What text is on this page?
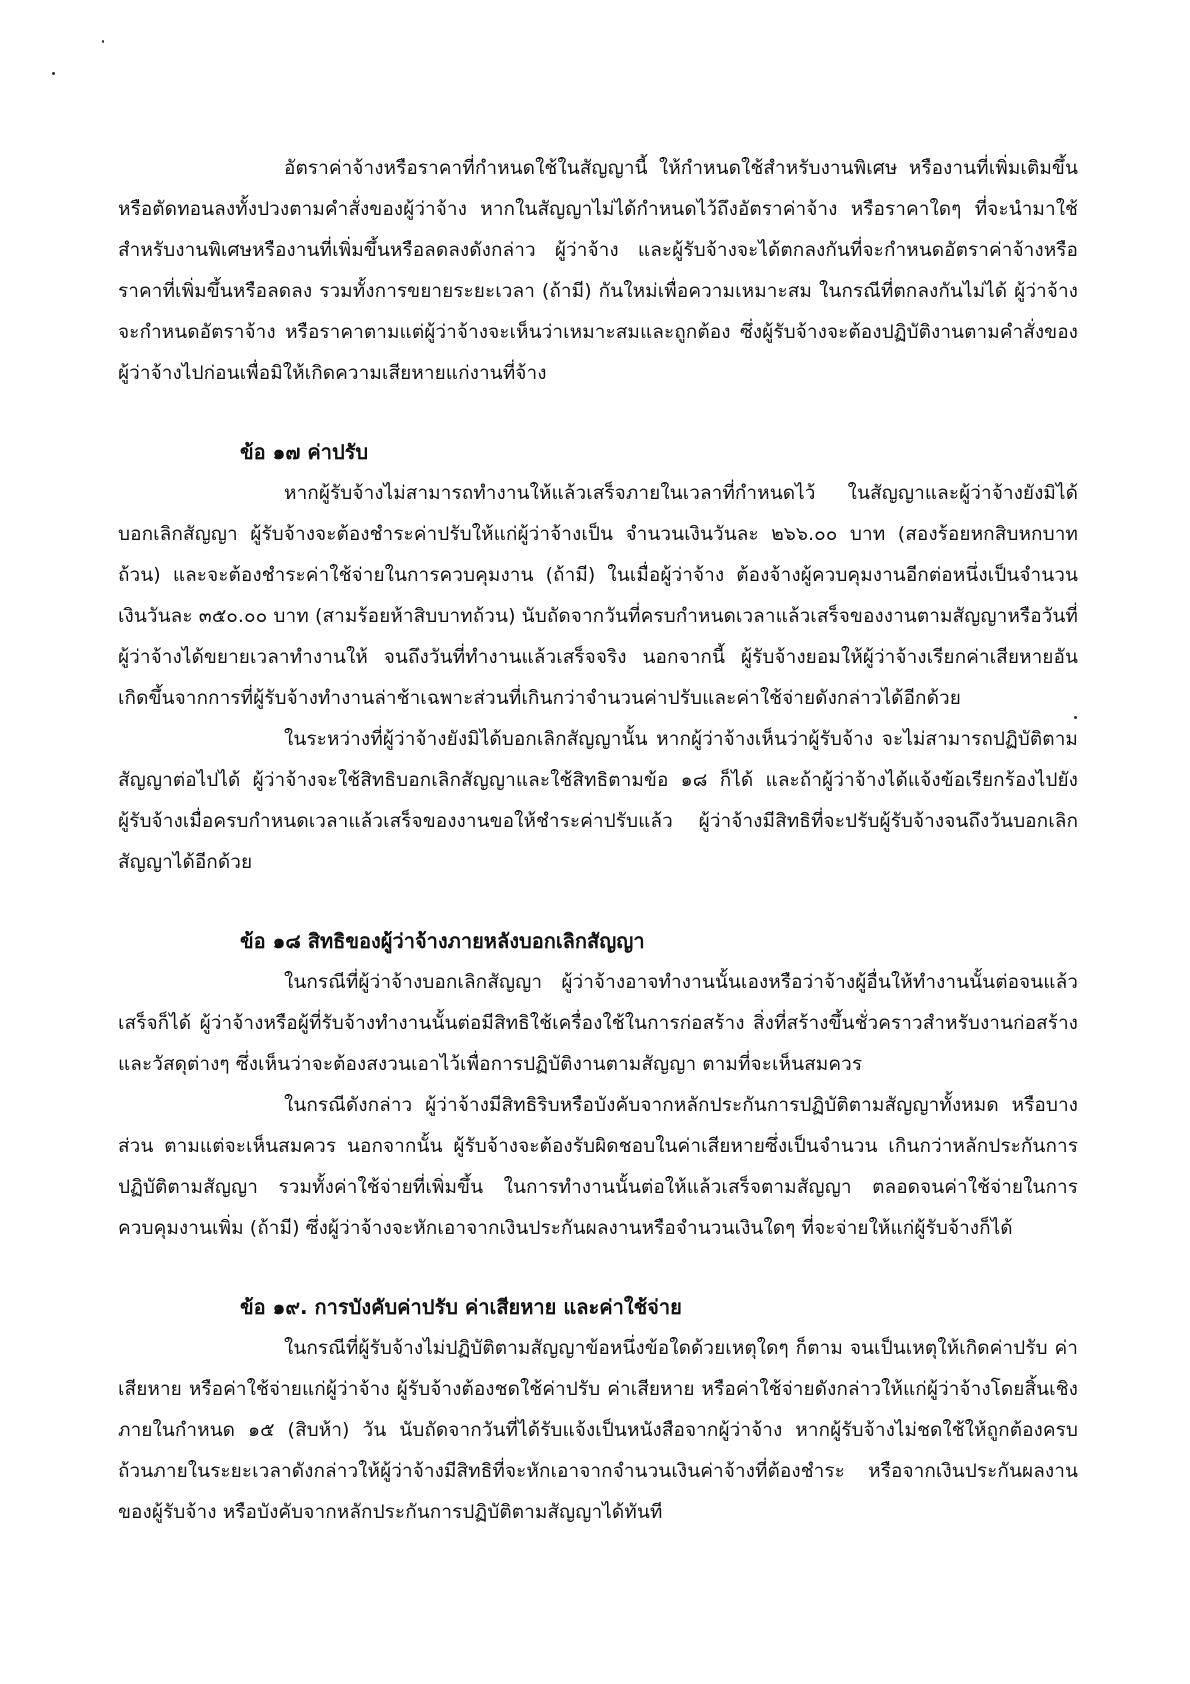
อัตราค่าจ้างหรือราคาที่กำหนดใช้ในสัญญานี้ ให้กำหนดใช้สำหรับงานพิเศษ หรืองานที่เพิ่มเติมขึ้นหรือตัดทอนลงทั้งปวงตามคำสั่งของผู้ว่าจ้าง หากในสัญญาไม่ได้กำหนดไว้ถึงอัตราค่าจ้าง หรือราคาใดๆ ที่จะนำมาใช้สำหรับงานพิเศษหรืองานที่เพิ่มขึ้นหรือลดลงดังกล่าว ผู้ว่าจ้าง และผู้รับจ้างจะได้ตกลงกันที่จะกำหนดอัตราค่าจ้างหรือราคาที่เพิ่มขึ้นหรือลดลง รวมทั้งการขยายระยะเวลา (ถ้ามี) กันใหม่เพื่อความเหมาะสม ในกรณีที่ตกลงกันไม่ได้ ผู้ว่าจ้างจะกำหนดอัตราจ้าง หรือราคาตามแต่ผู้ว่าจ้างจะเห็นว่าเหมาะสมและถูกต้อง ซึ่งผู้รับจ้างจะต้องปฏิบัติงานตามคำสั่งของผู้ว่าจ้างไปก่อนเพื่อมิให้เกิดความเสียหายแก่งานที่จ้าง

ข้อ ๑๗ ค่าปรับ

หากผู้รับจ้างไม่สามารถทำงานให้แล้วเสร็จภายในเวลาที่กำหนดไว้ ในสัญญาและผู้ว่าจ้างยังมิได้บอกเลิกสัญญา ผู้รับจ้างจะต้องชำระค่าปรับให้แก่ผู้ว่าจ้างเป็น จำนวนเงินวันละ ๒๖๖.๐๐ บาท (สองร้อยหกสิบหกบาทถ้วน) และจะต้องชำระค่าใช้จ่ายในการควบคุมงาน (ถ้ามี) ในเมื่อผู้ว่าจ้าง ต้องจ้างผู้ควบคุมงานอีกต่อหนึ่งเป็นจำนวนเงินวันละ ๓๕๐.๐๐ บาท (สามร้อยห้าสิบบาทถ้วน) นับถัดจากวันที่ครบกำหนดเวลาแล้วเสร็จของงานตามสัญญาหรือวันที่ผู้ว่าจ้างได้ขยายเวลาทำงานให้ จนถึงวันที่ทำงานแล้วเสร็จจริง นอกจากนี้ ผู้รับจ้างยอมให้ผู้ว่าจ้างเรียกค่าเสียหายอันเกิดขึ้นจากการที่ผู้รับจ้างทำงานล่าช้าเฉพาะส่วนที่เกินกว่าจำนวนค่าปรับและค่าใช้จ่ายดังกล่าวได้อีกด้วย

ในระหว่างที่ผู้ว่าจ้างยังมิได้บอกเลิกสัญญานั้น หากผู้ว่าจ้างเห็นว่าผู้รับจ้าง จะไม่สามารถปฏิบัติตามสัญญาต่อไปได้ ผู้ว่าจ้างจะใช้สิทธิบอกเลิกสัญญาและใช้สิทธิตามข้อ ๑๘ ก็ได้ และถ้าผู้ว่าจ้างได้แจ้งข้อเรียกร้องไปยังผู้รับจ้างเมื่อครบกำหนดเวลาแล้วเสร็จของงานขอให้ชำระค่าปรับแล้ว ผู้ว่าจ้างมีสิทธิที่จะปรับผู้รับจ้างจนถึงวันบอกเลิกสัญญาได้อีกด้วย

ข้อ ๑๘ สิทธิของผู้ว่าจ้างภายหลังบอกเลิกสัญญา

ในกรณีที่ผู้ว่าจ้างบอกเลิกสัญญา ผู้ว่าจ้างอาจทำงานนั้นเองหรือว่าจ้างผู้อื่นให้ทำงานนั้นต่อจนแล้วเสร็จก็ได้ ผู้ว่าจ้างหรือผู้ที่รับจ้างทำงานนั้นต่อมีสิทธิใช้เครื่องใช้ในการก่อสร้าง สิ่งที่สร้างขึ้นชั่วคราวสำหรับงานก่อสร้างและวัสดุต่างๆ ซึ่งเห็นว่าจะต้องสงวนเอาไว้เพื่อการปฏิบัติงานตามสัญญา ตามที่จะเห็นสมควร

ในกรณีดังกล่าว ผู้ว่าจ้างมีสิทธิริบหรือบังคับจากหลักประกันการปฏิบัติตามสัญญาทั้งหมด หรือบางส่วน ตามแต่จะเห็นสมควร นอกจากนั้น ผู้รับจ้างจะต้องรับผิดชอบในค่าเสียหายซึ่งเป็นจำนวน เกินกว่าหลักประกันการปฏิบัติตามสัญญา รวมทั้งค่าใช้จ่ายที่เพิ่มขึ้น ในการทำงานนั้นต่อให้แล้วเสร็จตามสัญญา ตลอดจนค่าใช้จ่ายในการควบคุมงานเพิ่ม (ถ้ามี) ซึ่งผู้ว่าจ้างจะหักเอาจากเงินประกันผลงานหรือจำนวนเงินใดๆ ที่จะจ่ายให้แก่ผู้รับจ้างก็ได้

ข้อ ๑๙. การบังคับค่าปรับ ค่าเสียหาย และค่าใช้จ่าย

ในกรณีที่ผู้รับจ้างไม่ปฏิบัติตามสัญญาข้อหนึ่งข้อใดด้วยเหตุใดๆ ก็ตาม จนเป็นเหตุให้เกิดค่าปรับ ค่าเสียหาย หรือค่าใช้จ่ายแก่ผู้ว่าจ้าง ผู้รับจ้างต้องชดใช้ค่าปรับ ค่าเสียหาย หรือค่าใช้จ่ายดังกล่าวให้แก่ผู้ว่าจ้างโดยสิ้นเชิงภายในกำหนด ๑๕ (สิบห้า) วัน นับถัดจากวันที่ได้รับแจ้งเป็นหนังสือจากผู้ว่าจ้าง หากผู้รับจ้างไม่ชดใช้ให้ถูกต้องครบถ้วนภายในระยะเวลาดังกล่าวให้ผู้ว่าจ้างมีสิทธิที่จะหักเอาจากจำนวนเงินค่าจ้างที่ต้องชำระ หรือจากเงินประกันผลงาน ของผู้รับจ้าง หรือบังคับจากหลักประกันการปฏิบัติตามสัญญาได้ทันที
